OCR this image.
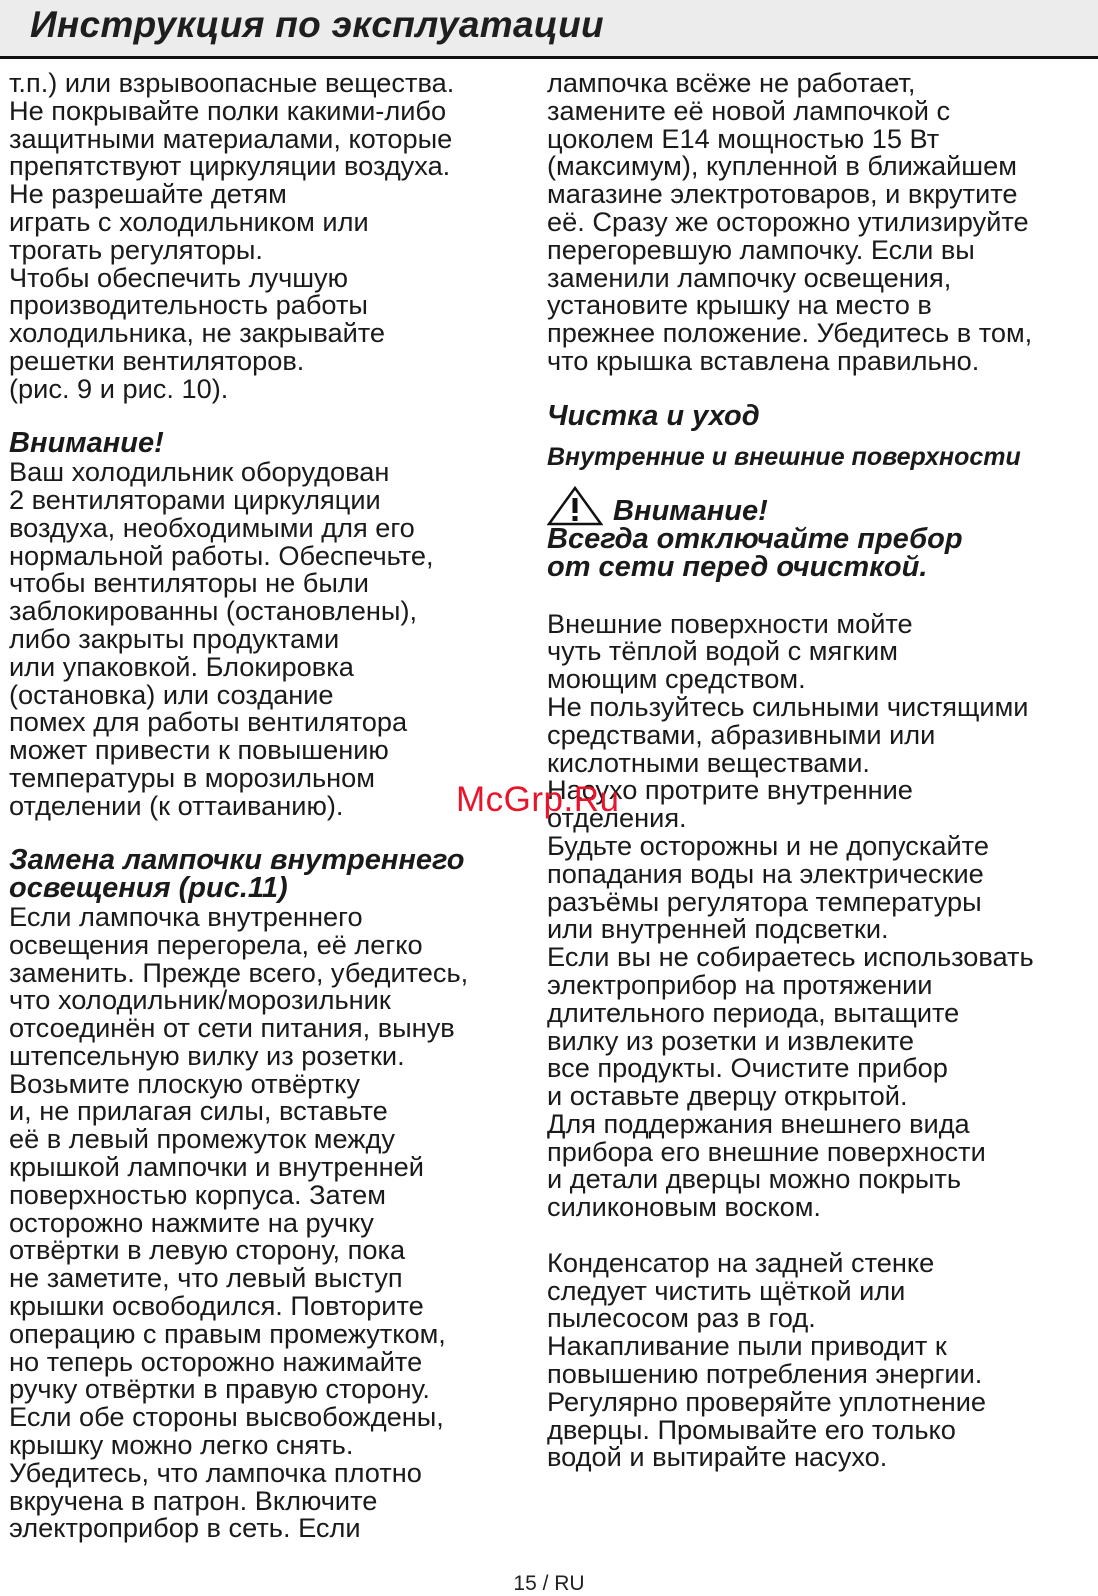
Инструкция по эксплуатации
т.п.) или взрывоопасные вещества.
Не покрывайте полки какими-либо
защитными материалами, которые
препятствуют циркуляции воздуха.
Не разрешайте детям
играть с холодильником или
трогать регуляторы.
Чтобы обеспечить лучшую
производительность работы
холодильника, не закрывайте
решетки вентиляторов.
(рис. 9 и рис. 10).
Внимание!
Ваш холодильник оборудован
2 вентиляторами циркуляции
воздуха, необходимыми для его
нормальной работы. Обеспечьте,
чтобы вентиляторы не были
заблокированны (остановлены),
либо закрыты продуктами
или упаковкой. Блокировка
(остановка) или создание
помех для работы вентилятора
может привести к повышению
температуры в морозильном
отделении (к оттаиванию).
Замена лампочки внутреннего
освещения (рис.11)
Если лампочка внутреннего
освещения перегорела, её легко
заменить. Прежде всего, убедитесь,
что холодильник/морозильник
отсоединён от сети питания, вынув
штепсельную вилку из розетки.
Возьмите плоскую отвёртку
и, не прилагая силы, вставьте
её в левый промежуток между
крышкой лампочки и внутренней
поверхностью корпуса. Затем
осторожно нажмите на ручку
отвёртки в левую сторону, пока
не заметите, что левый выступ
крышки освободился. Повторите
операцию с правым промежутком,
но теперь осторожно нажимайте
ручку отвёртки в правую сторону.
Если обе стороны высвобождены,
крышку можно легко снять.
Убедитесь, что лампочка плотно
вкручена в патрон. Включите
электроприбор в сеть. Если
лампочка всёже не работает,
замените её новой лампочкой с
цоколем E14 мощностью 15 Вт
(максимум), купленной в ближайшем
магазине электротоваров, и вкрутите
её. Сразу же осторожно утилизируйте
перегоревшую лампочку. Если вы
заменили лампочку освещения,
установите крышку на место в
прежнее положение. Убедитесь в том,
что крышка вставлена правильно.
Чистка и уход
Внутренние и внешние поверхности
Внимание!
Всегда отключайте пребор
от сети перед очисткой.
Внешние поверхности мойте
чуть тёплой водой с мягким
моющим средством.
Не пользуйтесь сильными чистящими
средствами, абразивными или
кислотными веществами.
Насухо протрите внутренние
отделения.
Будьте осторожны и не допускайте
попадания воды на электрические
разъёмы регулятора температуры
или внутренней подсветки.
Если вы не собираетесь использовать
электроприбор на протяжении
длительного периода, вытащите
вилку из розетки и извлеките
все продукты. Очистите прибор
и оставьте дверцу открытой.
Для поддержания внешнего вида
прибора его внешние поверхности
и детали дверцы можно покрыть
силиконовым воском.
Конденсатор на задней стенке
следует чистить щёткой или
пылесосом раз в год.
Накапливание пыли приводит к
повышению потребления энергии.
Регулярно проверяйте уплотнение
дверцы. Промывайте его только
водой и вытирайте насухо.
McGrp.Ru
15 / RU
